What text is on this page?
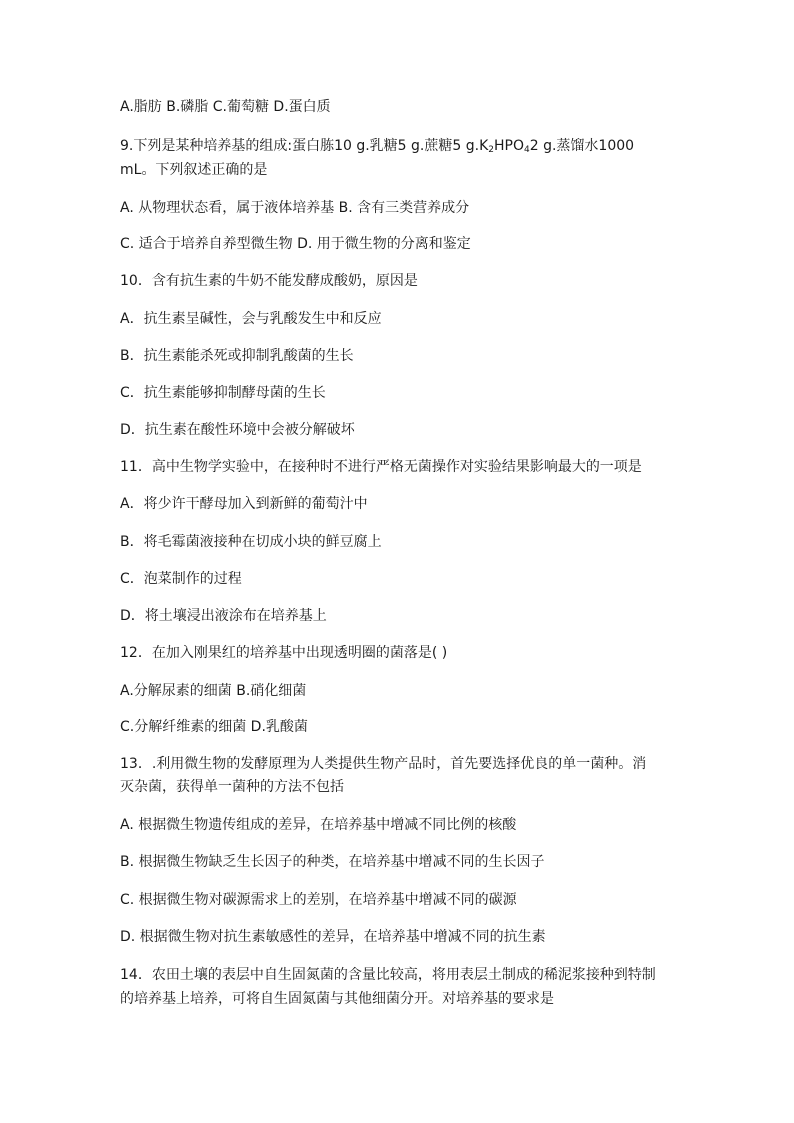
A.脂肪 B.磷脂 C.葡萄糖 D.蛋白质
9.下列是某种培养基的组成:蛋白胨10 g.乳糖5 g.蔗糖5 $g.K_2HPO_42$ g.蒸馏水1000
mL。下列叙述正确的是
A. 从物理状态看，属于液体培养基 B. 含有三类营养成分
C. 适合于培养自养型微生物 D. 用于微生物的分离和鉴定
10．含有抗生素的牛奶不能发酵成酸奶，原因是
A．抗生素呈碱性，会与乳酸发生中和反应
B．抗生素能杀死或抑制乳酸菌的生长
C．抗生素能够抑制酵母菌的生长
D．抗生素在酸性环境中会被分解破坏
11．高中生物学实验中，在接种时不进行严格无菌操作对实验结果影响最大的一项是
A．将少许干酵母加入到新鲜的葡萄汁中
B．将毛霉菌液接种在切成小块的鲜豆腐上
C．泡菜制作的过程
D．将土壤浸出液涂布在培养基上
12．在加入刚果红的培养基中出现透明圈的菌落是( )
A.分解尿素的细菌 B.硝化细菌
C.分解纤维素的细菌 D.乳酸菌
13．.利用微生物的发酵原理为人类提供生物产品时，首先要选择优良的单一菌种。消
灭杂菌，获得单一菌种的方法不包括
A. 根据微生物遗传组成的差异，在培养基中增减不同比例的核酸
B. 根据微生物缺乏生长因子的种类，在培养基中增减不同的生长因子
C. 根据微生物对碳源需求上的差别，在培养基中增减不同的碳源
D. 根据微生物对抗生素敏感性的差异，在培养基中增减不同的抗生素
14．农田土壤的表层中自生固氮菌的含量比较高，将用表层土制成的稀泥浆接种到特制
的培养基上培养，可将自生固氮菌与其他细菌分开。对培养基的要求是
